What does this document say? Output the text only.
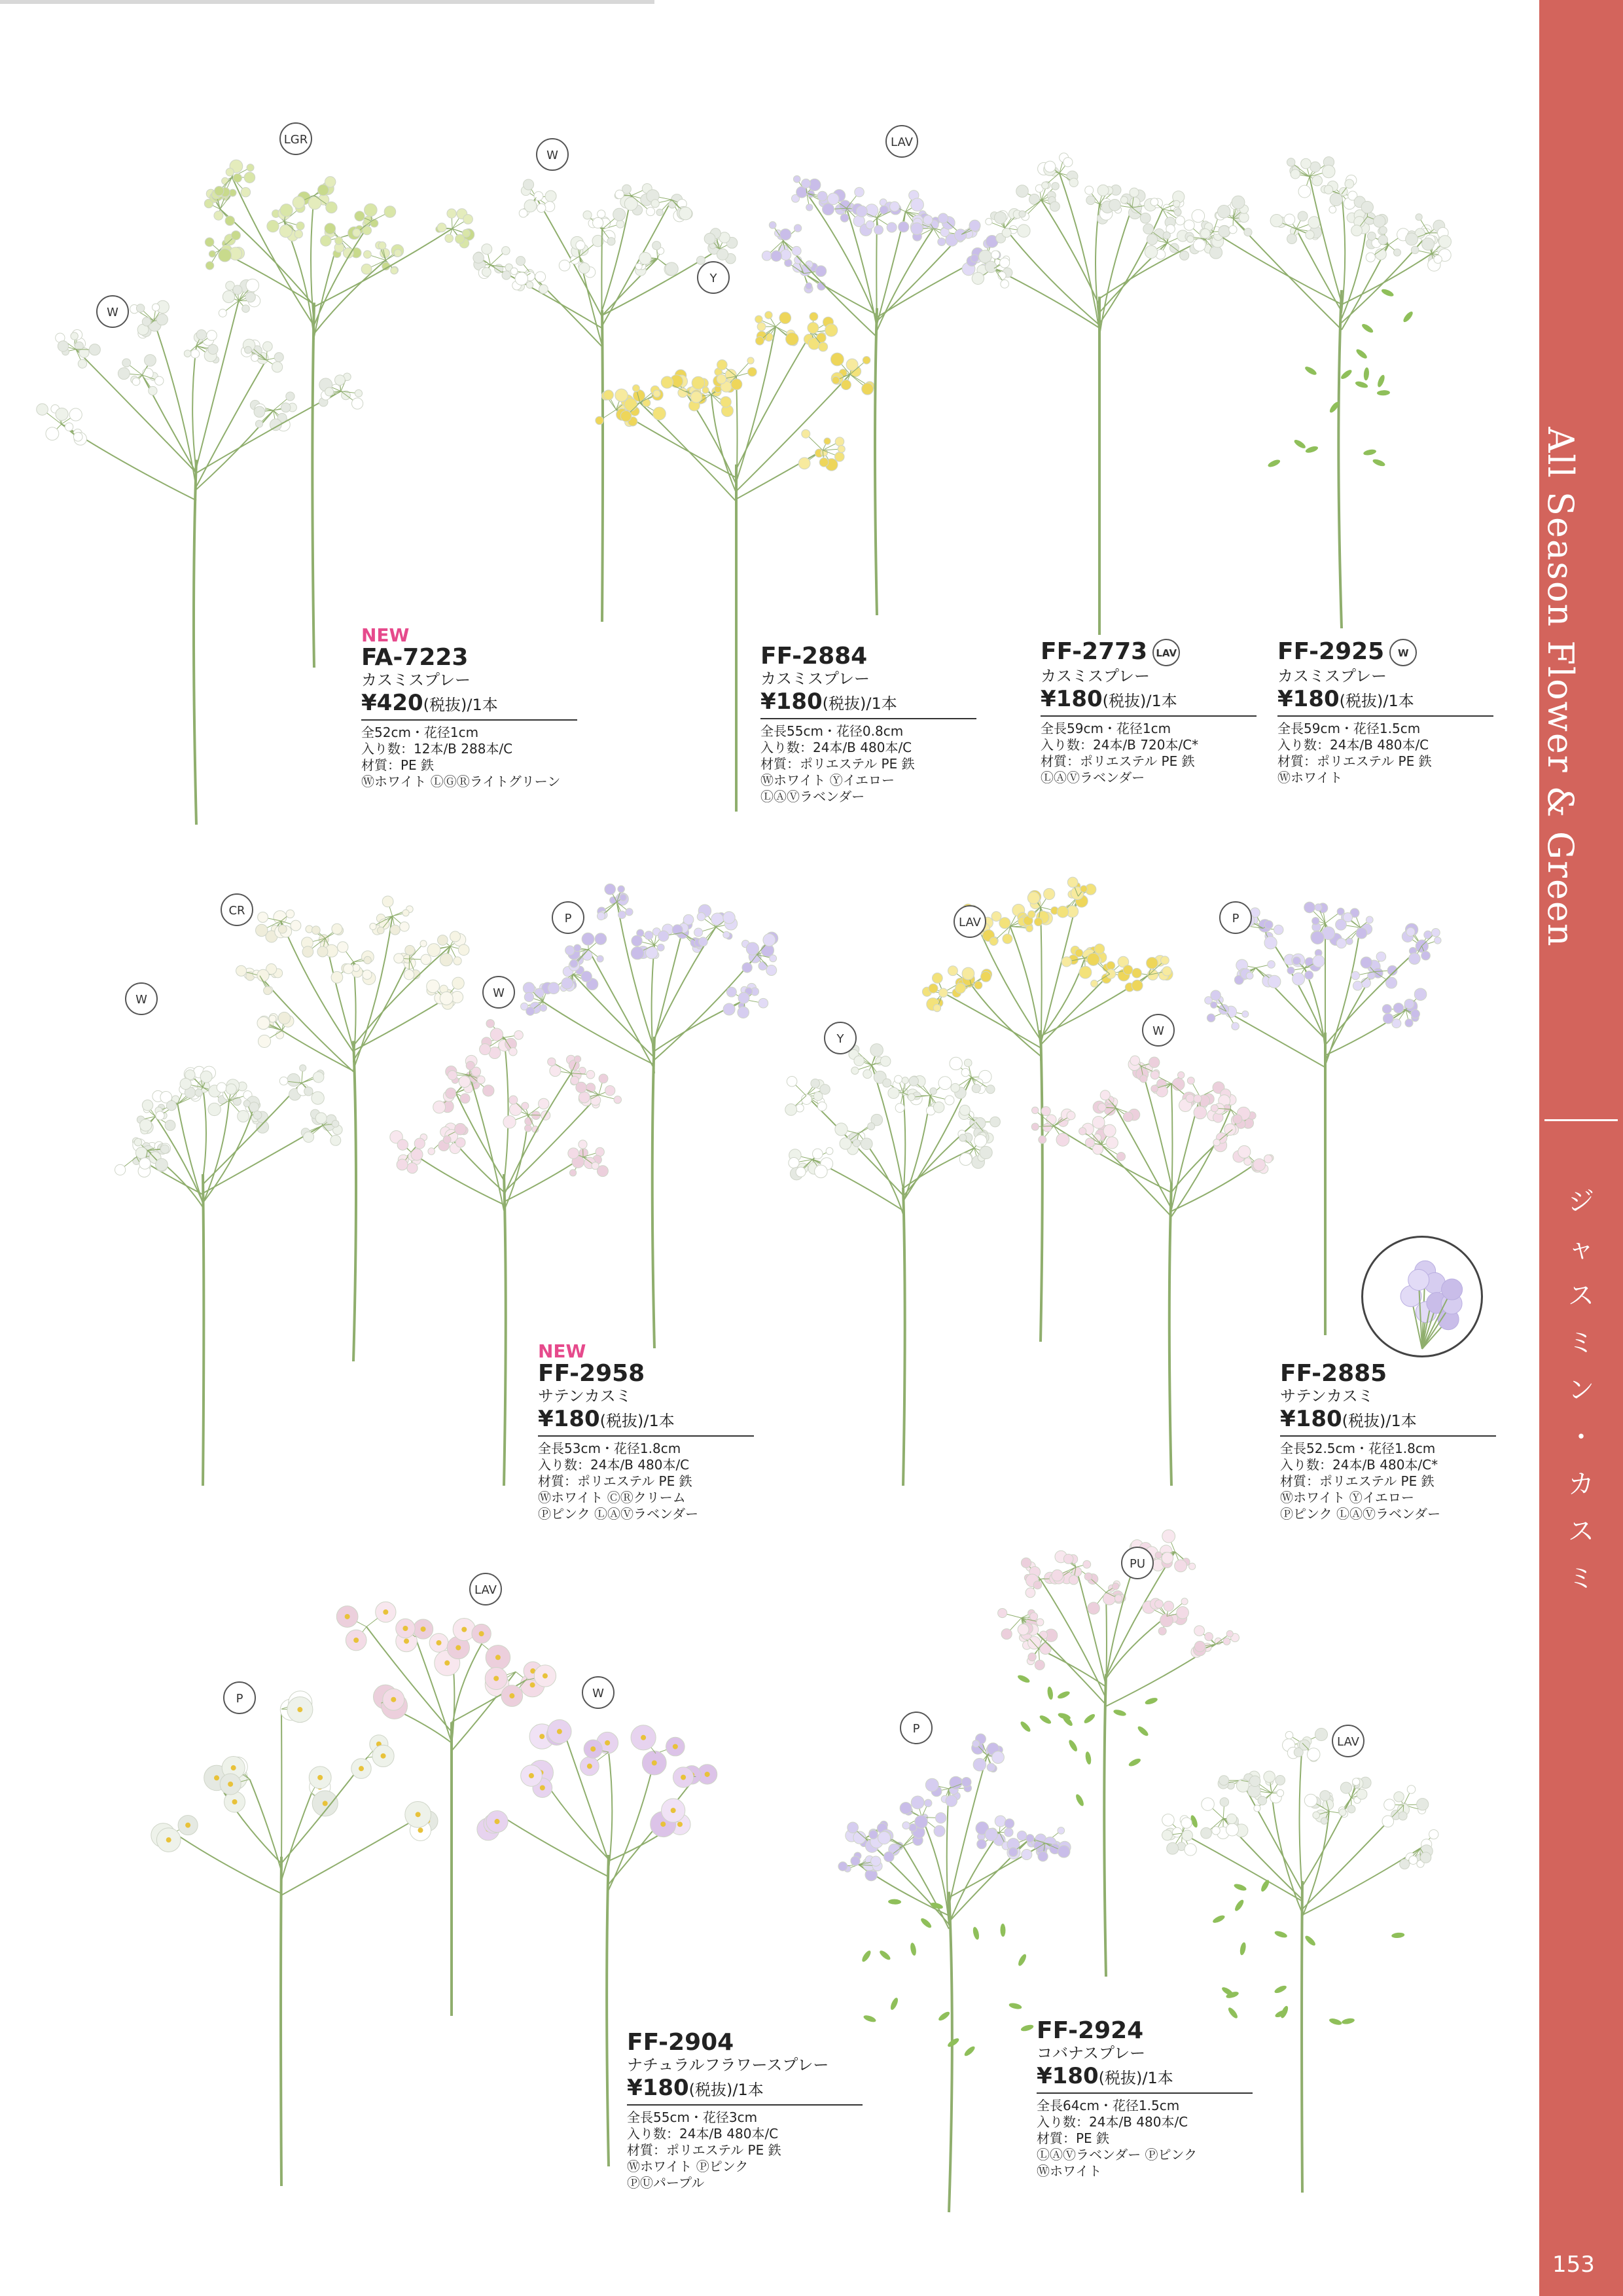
All Season Flower & Green
ジ
ャ
ス
ミ
ン
・
カ
ス
ミ
153
W
LGR
W
Y
LAV
W
CR
W
P	LAV
Y
W
P
LAV
P	W
PU
P
LAV
NEW
FA-7223
カスミスプレー
¥420(税抜)/1本
全52cm・花径1cm
入り数：12本/B 288本/C
材質：PE 鉄
Ⓦホワイト ⓁⒼⓇライトグリーン
FF-2884
カスミスプレー
¥180(税抜)/1本
全長55cm・花径0.8cm
入り数：24本/B 480本/C
材質：ポリエステル PE 鉄
Ⓦホワイト Ⓨイエロー
ⓁⒶⓋラベンダー
FF-2773 LAV
カスミスプレー
¥180(税抜)/1本
全長59cm・花径1cm
入り数：24本/B 720本/C*
材質：ポリエステル PE 鉄
ⓁⒶⓋラベンダー
FF-2925 W
カスミスプレー
¥180(税抜)/1本
全長59cm・花径1.5cm
入り数：24本/B 480本/C
材質：ポリエステル PE 鉄
Ⓦホワイト
NEW
FF-2958
サテンカスミ
¥180(税抜)/1本
全長53cm・花径1.8cm
入り数：24本/B 480本/C
材質：ポリエステル PE 鉄
Ⓦホワイト ⒸⓇクリーム
Ⓟピンク ⓁⒶⓋラベンダー
FF-2885
サテンカスミ
¥180(税抜)/1本
全長52.5cm・花径1.8cm
入り数：24本/B 480本/C*
材質：ポリエステル PE 鉄
Ⓦホワイト Ⓨイエロー
Ⓟピンク ⓁⒶⓋラベンダー
FF-2904
ナチュラルフラワースプレー
¥180(税抜)/1本
全長55cm・花径3cm
入り数：24本/B 480本/C
材質：ポリエステル PE 鉄
Ⓦホワイト Ⓟピンク
ⓅⓊパープル
FF-2924
コバナスプレー
¥180(税抜)/1本
全長64cm・花径1.5cm
入り数：24本/B 480本/C
材質：PE 鉄
ⓁⒶⓋラベンダー Ⓟピンク
Ⓦホワイト
